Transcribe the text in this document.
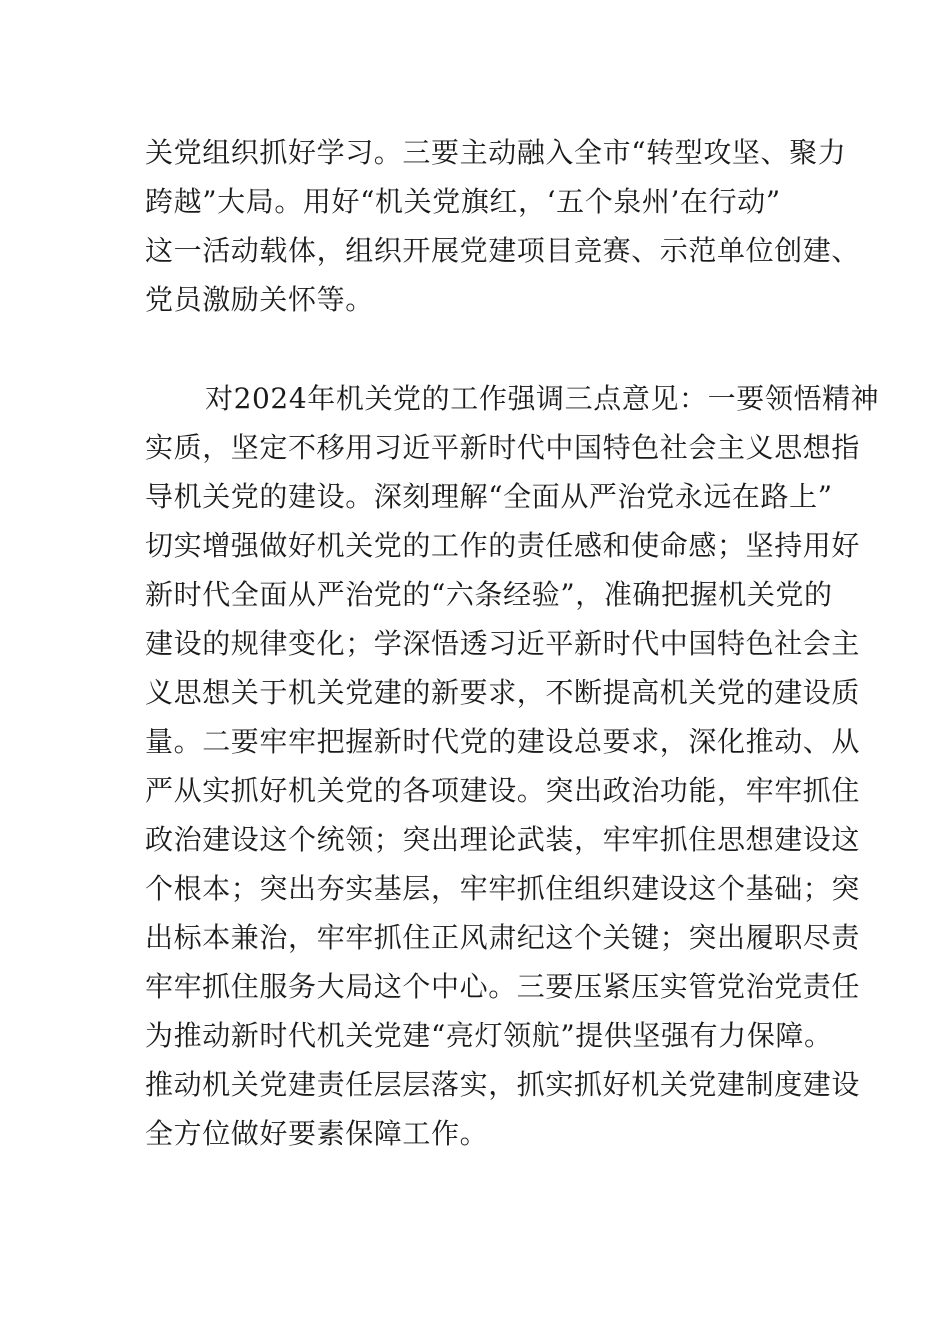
关党组织抓好学习。三要主动融入全市“转型攻坚、聚力
跨越”大局。用好“机关党旗红，‘五个泉州’在行动”
这一活动载体，组织开展党建项目竞赛、示范单位创建、
党员激励关怀等。
对2024年机关党的工作强调三点意见：一要领悟精神
实质，坚定不移用习近平新时代中国特色社会主义思想指
导机关党的建设。深刻理解“全面从严治党永远在路上”
切实增强做好机关党的工作的责任感和使命感；坚持用好
新时代全面从严治党的“六条经验”，准确把握机关党的
建设的规律变化；学深悟透习近平新时代中国特色社会主
义思想关于机关党建的新要求，不断提高机关党的建设质
量。二要牢牢把握新时代党的建设总要求，深化推动、从
严从实抓好机关党的各项建设。突出政治功能，牢牢抓住
政治建设这个统领；突出理论武装，牢牢抓住思想建设这
个根本；突出夯实基层，牢牢抓住组织建设这个基础；突
出标本兼治，牢牢抓住正风肃纪这个关键；突出履职尽责
牢牢抓住服务大局这个中心。三要压紧压实管党治党责任
为推动新时代机关党建“亮灯领航”提供坚强有力保障。
推动机关党建责任层层落实，抓实抓好机关党建制度建设
全方位做好要素保障工作。
